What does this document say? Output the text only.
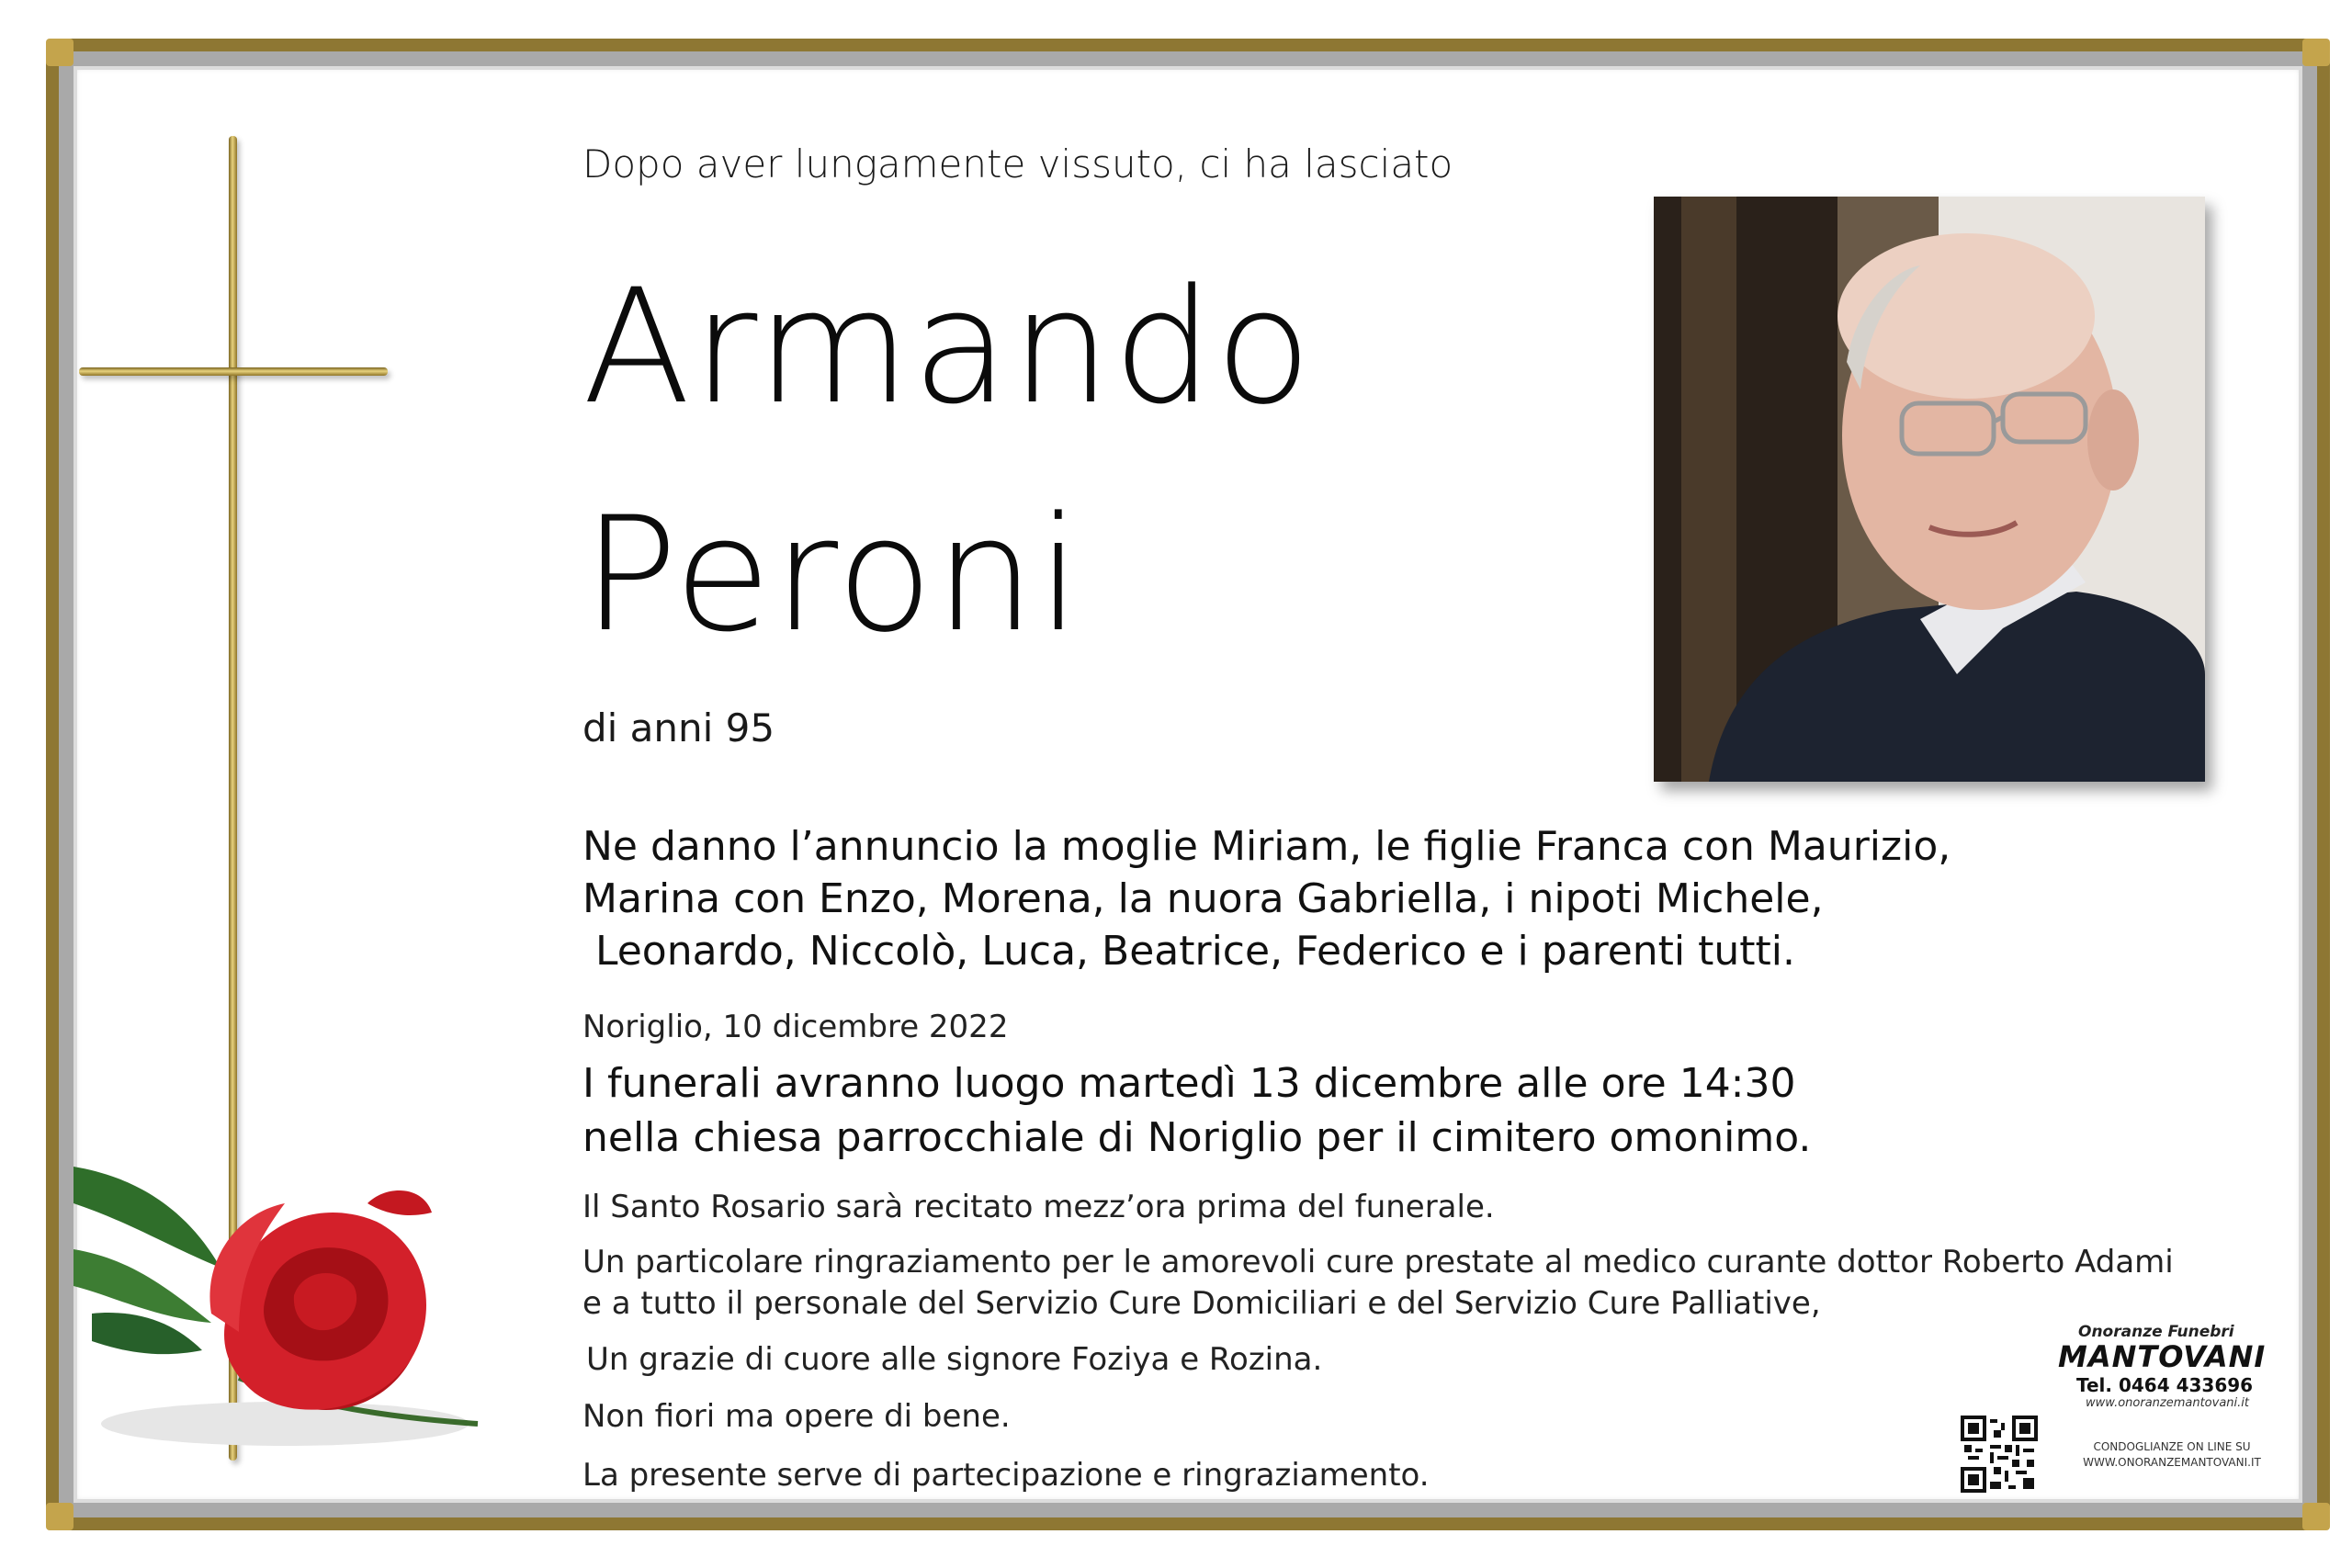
Dopo aver lungamente vissuto, ci ha lasciato
Armando
Peroni
di anni 95
Ne danno l’annuncio la moglie Miriam, le figlie Franca con Maurizio,
Marina con Enzo, Morena, la nuora Gabriella, i nipoti Michele,
Leonardo, Niccolò, Luca, Beatrice, Federico e i parenti tutti.
Noriglio, 10 dicembre 2022
I funerali avranno luogo martedì 13 dicembre alle ore 14:30
nella chiesa parrocchiale di Noriglio per il cimitero omonimo.
Il Santo Rosario sarà recitato mezz’ora prima del funerale.
Un particolare ringraziamento per le amorevoli cure prestate al medico curante dottor Roberto Adami
e a tutto il personale del Servizio Cure Domiciliari e del Servizio Cure Palliative,
Un grazie di cuore alle signore Foziya e Rozina.
Non fiori ma opere di bene.
La presente serve di partecipazione e ringraziamento.
Onoranze Funebri
MANTOVANI
Tel. 0464 433696
www.onoranzemantovani.it
CONDOGLIANZE ON LINE SU
WWW.ONORANZEMANTOVANI.IT
